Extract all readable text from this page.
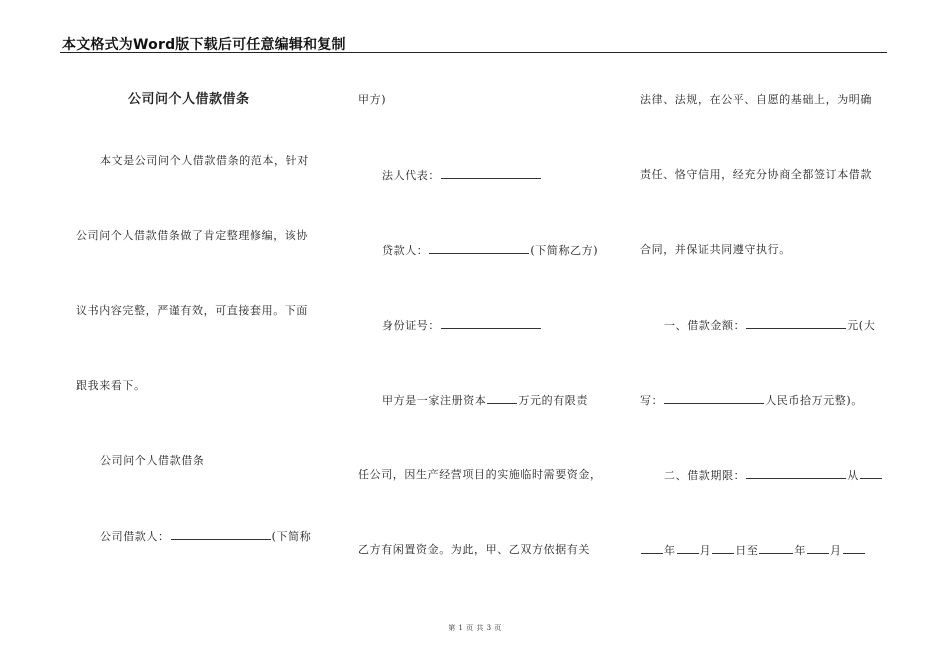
本文格式为Word版下载后可任意编辑和复制
公司问个人借款借条
本文是公司问个人借款借条的范本，针对
公司问个人借款借条做了肯定整理修编，该协
议书内容完整，严谨有效，可直接套用。下面
跟我来看下。
公司问个人借款借条
公司借款人：	(下简称
甲方)
法人代表：
贷款人：	(下简称乙方)
身份证号：
甲方是一家注册资本	万元的有限责
任公司，因生产经营项目的实施临时需要资金，
乙方有闲置资金。为此，甲、乙双方依据有关
法律、法规，在公平、自愿的基础上，为明确
责任、恪守信用，经充分协商全都签订本借款
合同，并保证共同遵守执行。
一、借款金额：	元(大
写：	人民币拾万元整)。
二、借款期限：	从
年 月 日至	年 月
第 1 页 共 3 页
